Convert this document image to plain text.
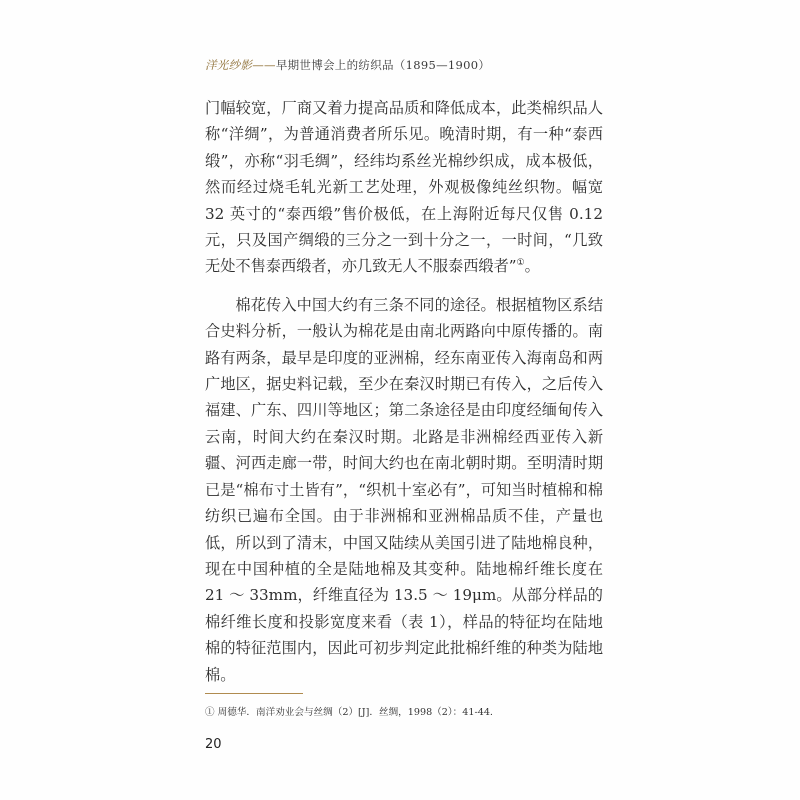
洋光纱影——早期世博会上的纺织品（1895—1900）

门幅较宽，厂商又着力提高品质和降低成本，此类棉织品人称“洋绸”，为普通消费者所乐见。晚清时期，有一种“泰西缎”，亦称“羽毛绸”，经纬均系丝光棉纱织成，成本极低，然而经过烧毛轧光新工艺处理，外观极像纯丝织物。幅宽 32 英寸的“泰西缎”售价极低，在上海附近每尺仅售 0.12 元，只及国产绸缎的三分之一到十分之一，一时间，“几致无处不售泰西缎者，亦几致无人不服泰西缎者”①。

棉花传入中国大约有三条不同的途径。根据植物区系结合史料分析，一般认为棉花是由南北两路向中原传播的。南路有两条，最早是印度的亚洲棉，经东南亚传入海南岛和两广地区，据史料记载，至少在秦汉时期已有传入，之后传入福建、广东、四川等地区；第二条途径是由印度经缅甸传入云南，时间大约在秦汉时期。北路是非洲棉经西亚传入新疆、河西走廊一带，时间大约也在南北朝时期。至明清时期已是“棉布寸土皆有”，“织机十室必有”，可知当时植棉和棉纺织已遍布全国。由于非洲棉和亚洲棉品质不佳，产量也低，所以到了清末，中国又陆续从美国引进了陆地棉良种，现在中国种植的全是陆地棉及其变种。陆地棉纤维长度在 21 ～ 33mm，纤维直径为 13.5 ～ 19μm。从部分样品的棉纤维长度和投影宽度来看（表 1），样品的特征均在陆地棉的特征范围内，因此可初步判定此批棉纤维的种类为陆地棉。

① 周德华．南洋劝业会与丝绸（2）[J]．丝绸，1998（2）：41-44.
20
